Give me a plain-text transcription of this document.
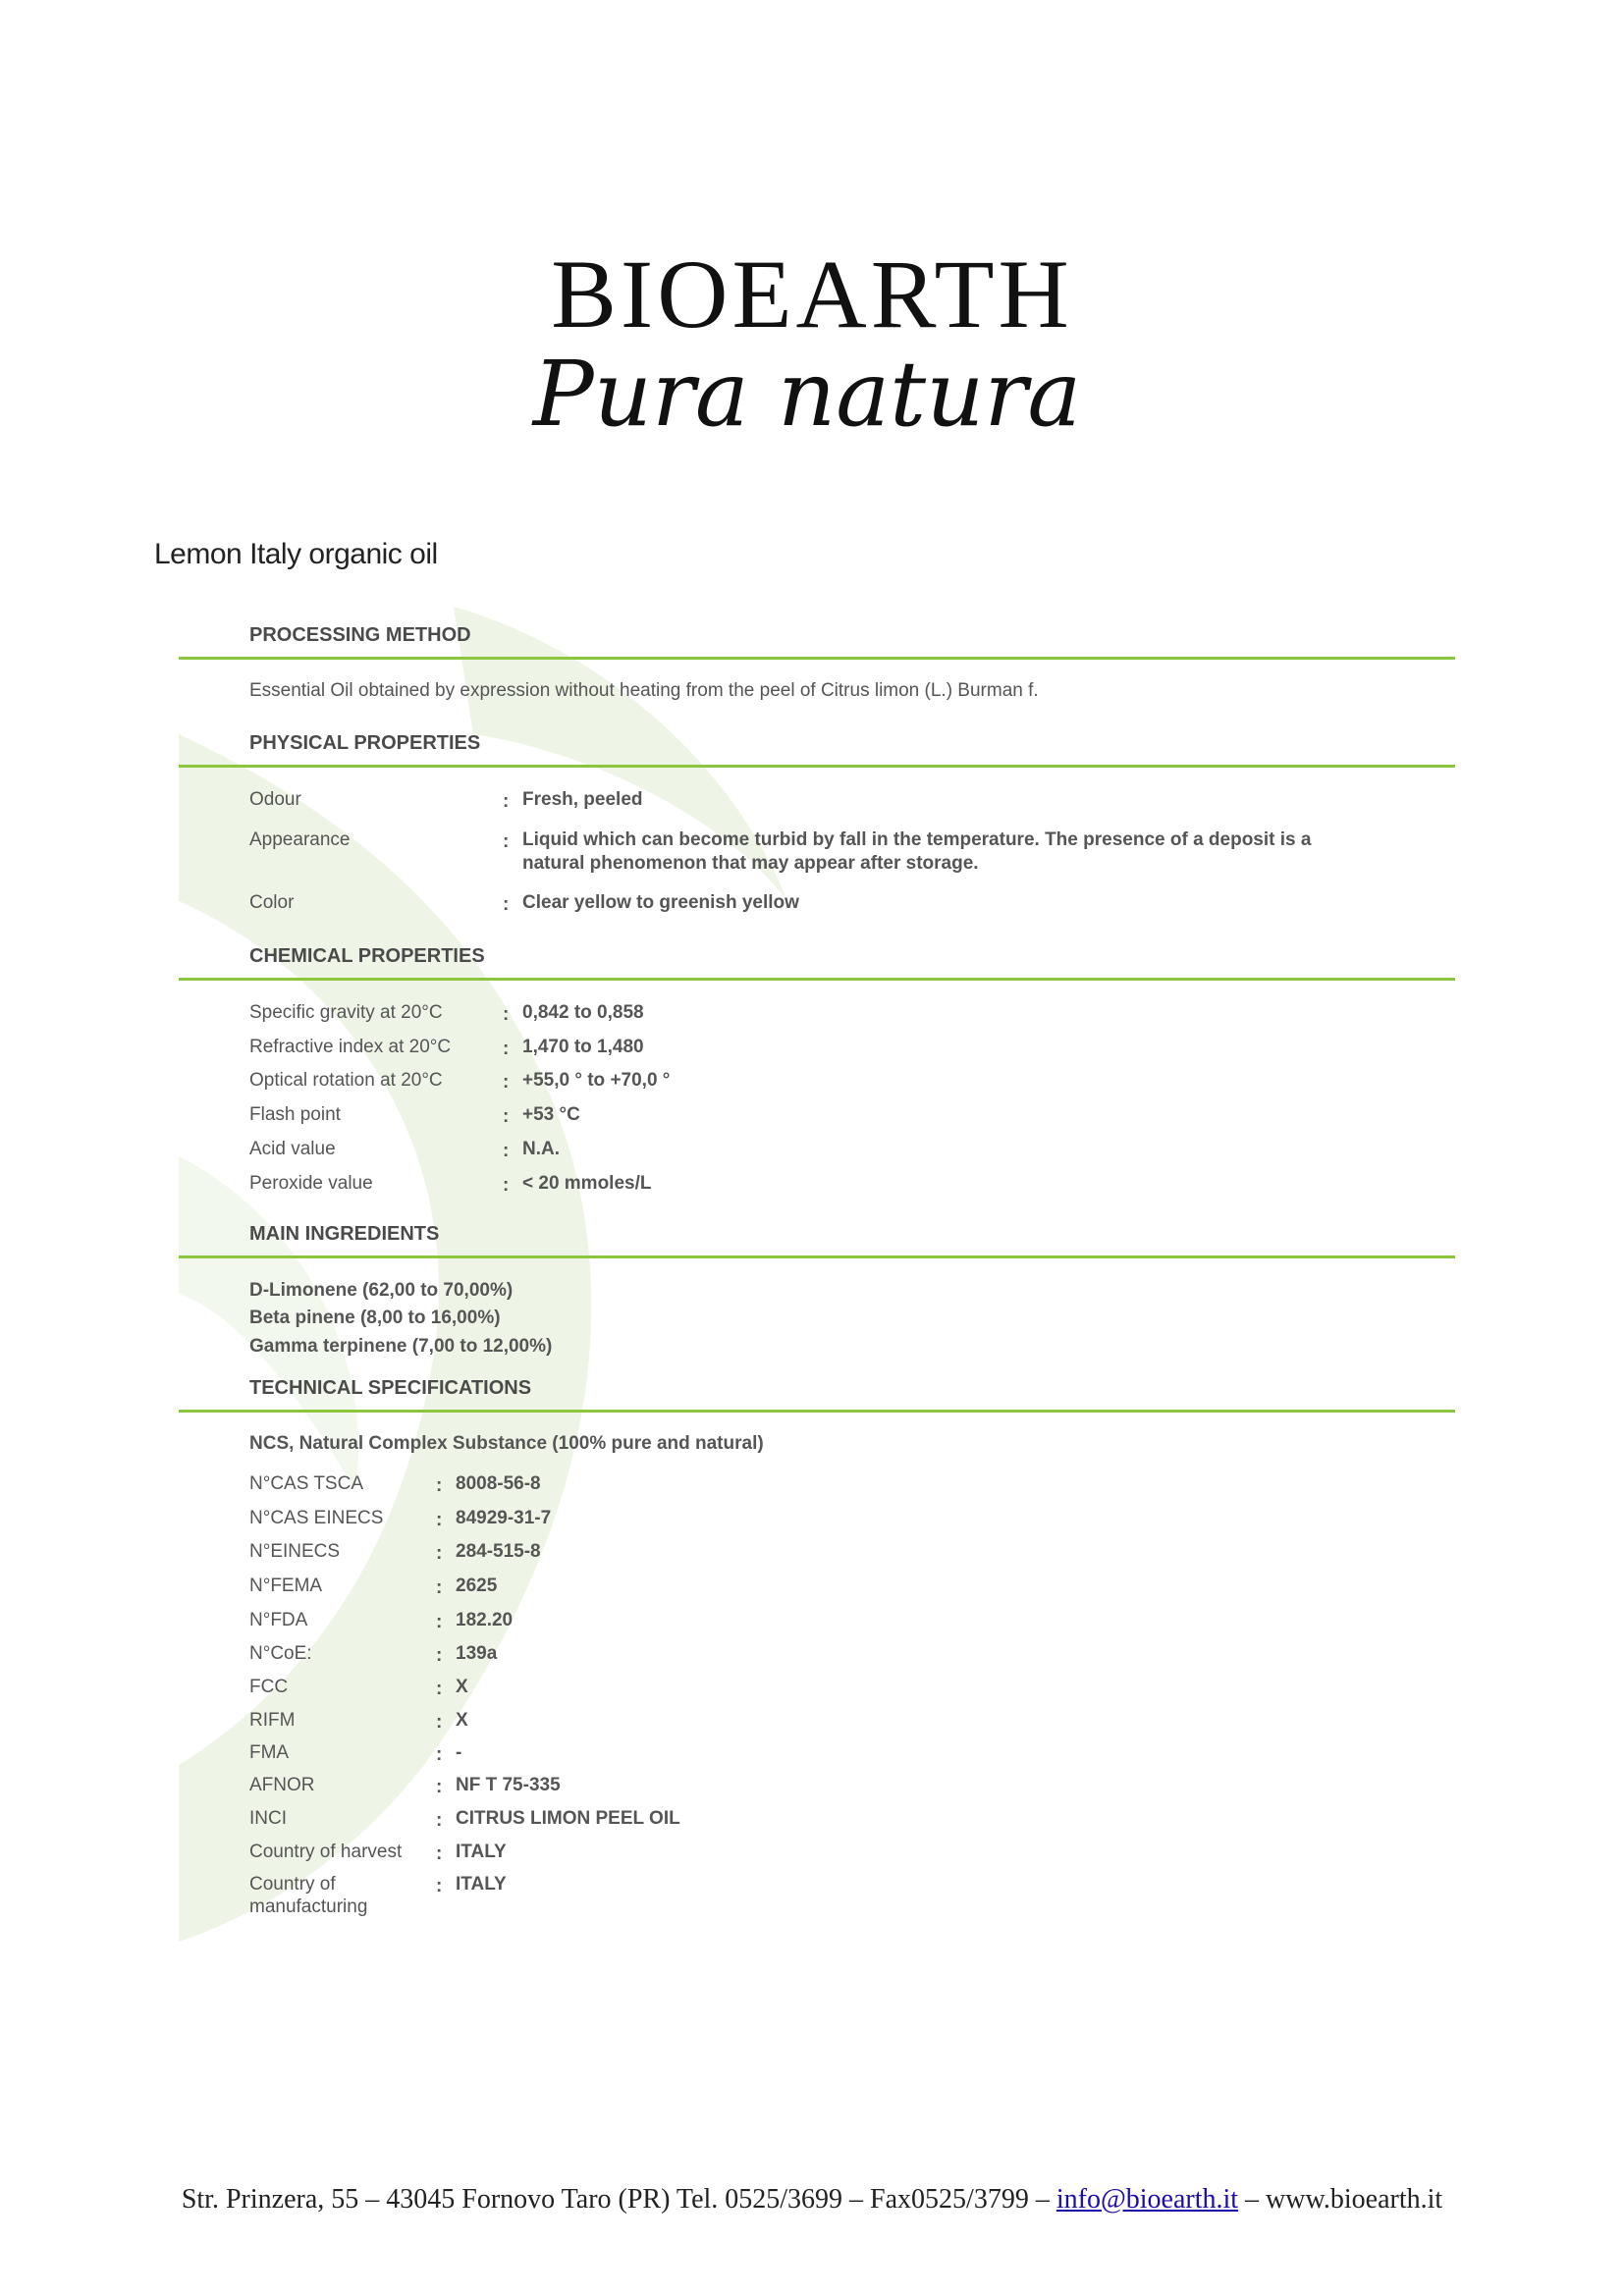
BIOEARTH
Pura natura
Lemon Italy organic oil
PROCESSING METHOD
Essential Oil obtained by expression without heating from the peel of Citrus limon (L.) Burman f.
PHYSICAL PROPERTIES
Odour	: Fresh, peeled
Appearance	: Liquid which can become turbid by fall in the temperature. The presence of a deposit is a
natural phenomenon that may appear after storage.
Color	: Clear yellow to greenish yellow
CHEMICAL PROPERTIES
Specific gravity at 20°C	: 0,842 to 0,858
Refractive index at 20°C	: 1,470 to 1,480
Optical rotation at 20°C	: +55,0 ° to +70,0 °
Flash point	: +53 °C
Acid value	: N.A.
Peroxide value	: < 20 mmoles/L
MAIN INGREDIENTS
D-Limonene (62,00 to 70,00%)
Beta pinene (8,00 to 16,00%)
Gamma terpinene (7,00 to 12,00%)
TECHNICAL SPECIFICATIONS
NCS, Natural Complex Substance (100% pure and natural)
N°CAS TSCA	: 8008-56-8
N°CAS EINECS	: 84929-31-7
N°EINECS	: 284-515-8
N°FEMA	: 2625
N°FDA	: 182.20
N°CoE:	: 139a
FCC	: X
RIFM	: X
FMA	: -
AFNOR	: NF T 75-335
INCI	: CITRUS LIMON PEEL OIL
Country of harvest : ITALY
Country of
manufacturing
: ITALY
Str. Prinzera, 55 – 43045 Fornovo Taro (PR) Tel. 0525/3699 – Fax0525/3799 – info@bioearth.it – www.bioearth.it
